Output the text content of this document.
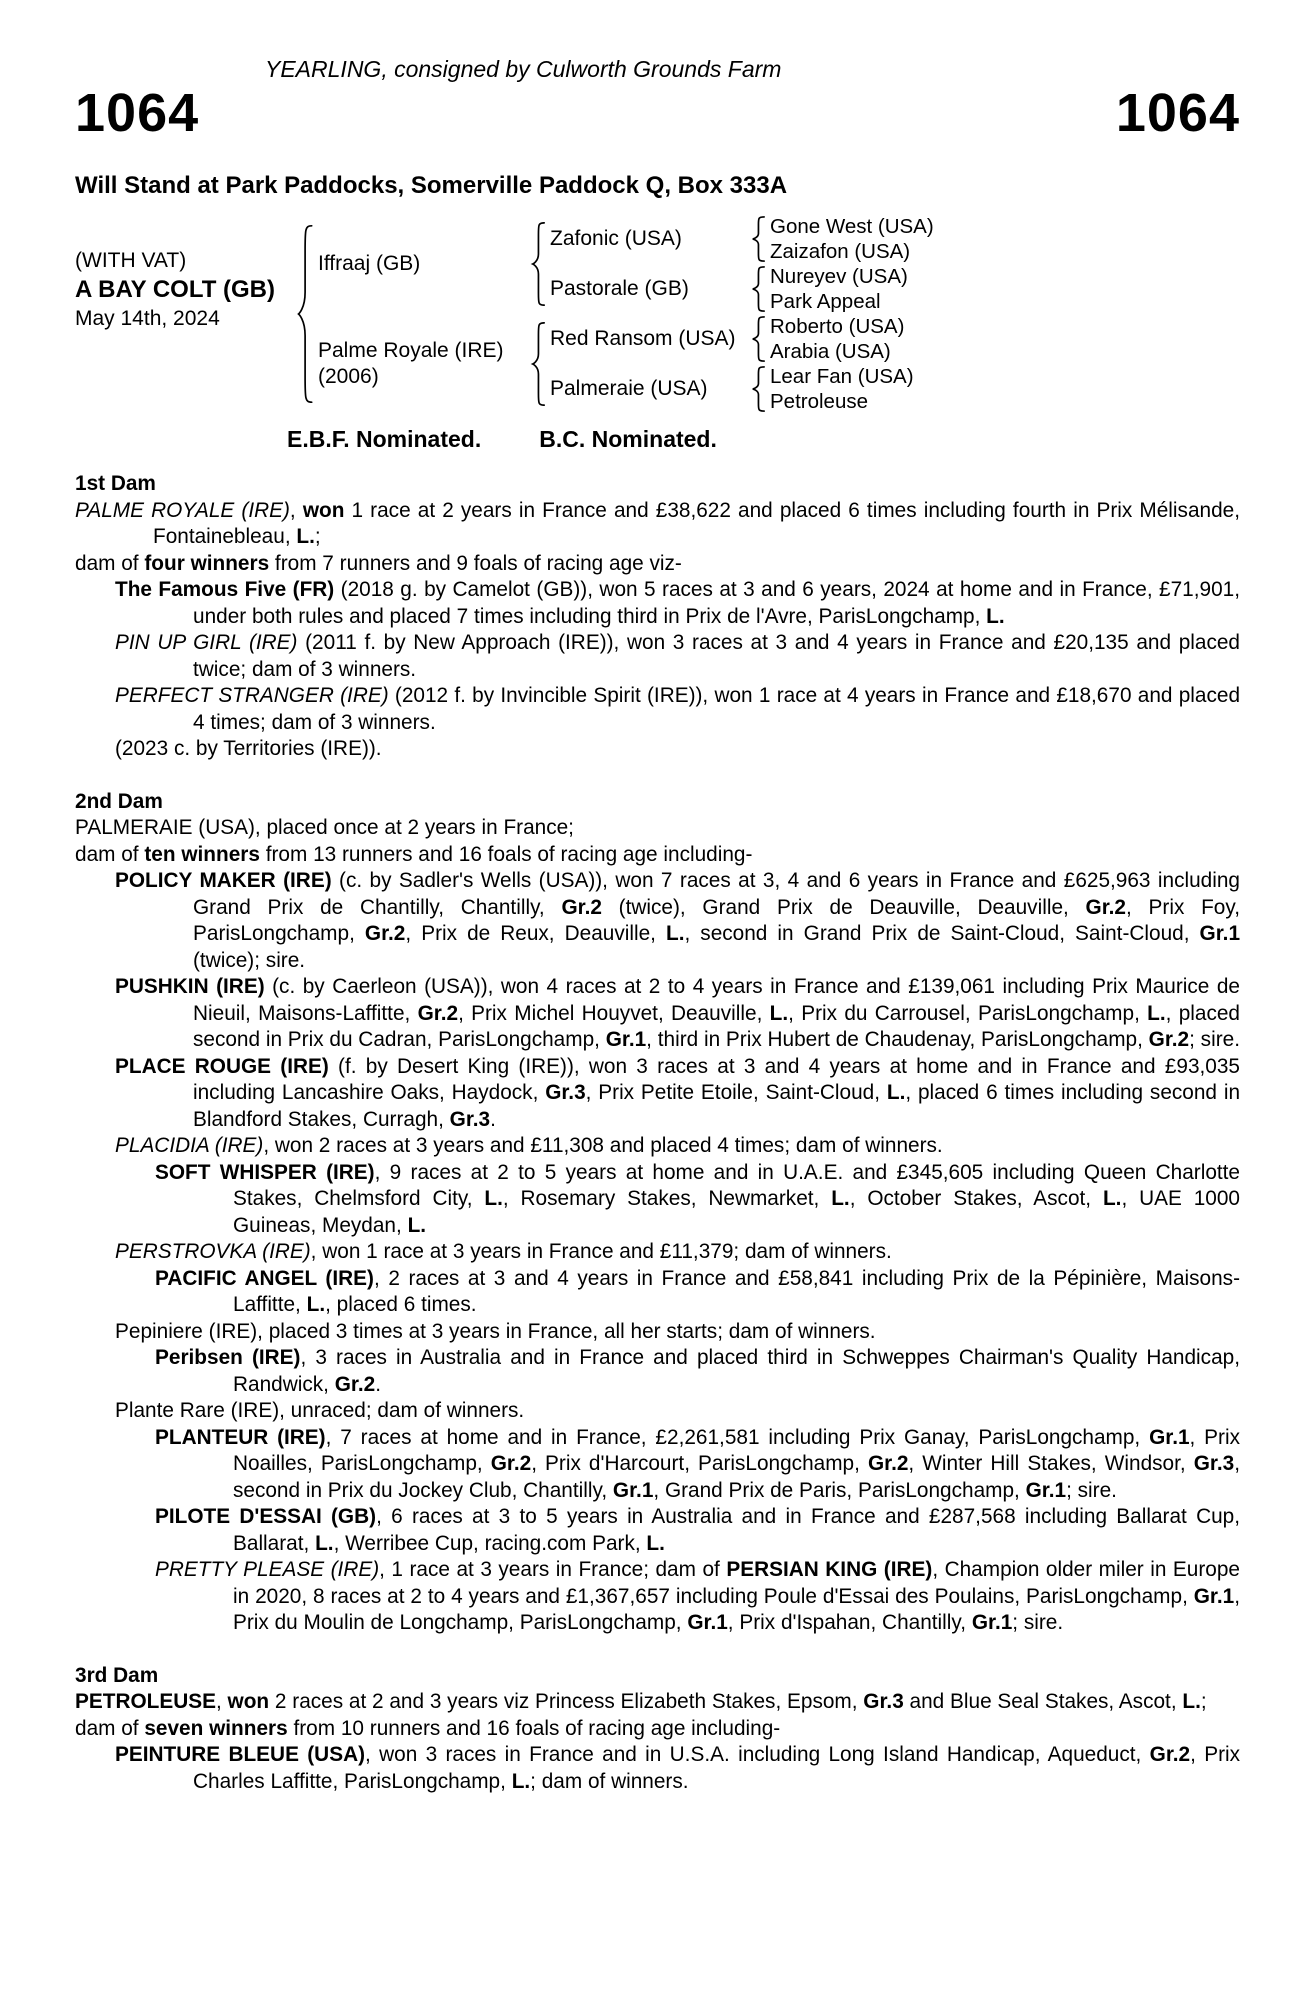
YEARLING, consigned by Culworth Grounds Farm
1064	1064
Will Stand at Park Paddocks, Somerville Paddock Q, Box 333A
(WITH VAT)
A BAY COLT (GB)
May 14th, 2024
Iffraaj (GB)
Palme Royale (IRE)
(2006)
Zafonic (USA)
Pastorale (GB)
Red Ransom (USA)
Palmeraie (USA)
Gone West (USA)
Zaizafon (USA)
Nureyev (USA)
Park Appeal
Roberto (USA)
Arabia (USA)
Lear Fan (USA)
Petroleuse
E.B.F. Nominated.	B.C. Nominated.

1st Dam

PALME ROYALE (IRE), won 1 race at 2 years in France and £38,622 and placed 6 times including fourth in Prix Mélisande, Fontainebleau, L.;

dam of four winners from 7 runners and 9 foals of racing age viz-

The Famous Five (FR) (2018 g. by Camelot (GB)), won 5 races at 3 and 6 years, 2024 at home and in France, £71,901, under both rules and placed 7 times including third in Prix de l'Avre, ParisLongchamp, L.

PIN UP GIRL (IRE) (2011 f. by New Approach (IRE)), won 3 races at 3 and 4 years in France and £20,135 and placed twice; dam of 3 winners.

PERFECT STRANGER (IRE) (2012 f. by Invincible Spirit (IRE)), won 1 race at 4 years in France and £18,670 and placed 4 times; dam of 3 winners.

(2023 c. by Territories (IRE)).

2nd Dam

PALMERAIE (USA), placed once at 2 years in France;

dam of ten winners from 13 runners and 16 foals of racing age including-

POLICY MAKER (IRE) (c. by Sadler's Wells (USA)), won 7 races at 3, 4 and 6 years in France and £625,963 including Grand Prix de Chantilly, Chantilly, Gr.2 (twice), Grand Prix de Deauville, Deauville, Gr.2, Prix Foy, ParisLongchamp, Gr.2, Prix de Reux, Deauville, L., second in Grand Prix de Saint-Cloud, Saint-Cloud, Gr.1 (twice); sire.

PUSHKIN (IRE) (c. by Caerleon (USA)), won 4 races at 2 to 4 years in France and £139,061 including Prix Maurice de Nieuil, Maisons-Laffitte, Gr.2, Prix Michel Houyvet, Deauville, L., Prix du Carrousel, ParisLongchamp, L., placed second in Prix du Cadran, ParisLongchamp, Gr.1, third in Prix Hubert de Chaudenay, ParisLongchamp, Gr.2; sire.

PLACE ROUGE (IRE) (f. by Desert King (IRE)), won 3 races at 3 and 4 years at home and in France and £93,035 including Lancashire Oaks, Haydock, Gr.3, Prix Petite Etoile, Saint-Cloud, L., placed 6 times including second in Blandford Stakes, Curragh, Gr.3.

PLACIDIA (IRE), won 2 races at 3 years and £11,308 and placed 4 times; dam of winners.

SOFT WHISPER (IRE), 9 races at 2 to 5 years at home and in U.A.E. and £345,605 including Queen Charlotte Stakes, Chelmsford City, L., Rosemary Stakes, Newmarket, L., October Stakes, Ascot, L., UAE 1000 Guineas, Meydan, L.

PERSTROVKA (IRE), won 1 race at 3 years in France and £11,379; dam of winners.

PACIFIC ANGEL (IRE), 2 races at 3 and 4 years in France and £58,841 including Prix de la Pépinière, Maisons-Laffitte, L., placed 6 times.

Pepiniere (IRE), placed 3 times at 3 years in France, all her starts; dam of winners.

Peribsen (IRE), 3 races in Australia and in France and placed third in Schweppes Chairman's Quality Handicap, Randwick, Gr.2.

Plante Rare (IRE), unraced; dam of winners.

PLANTEUR (IRE), 7 races at home and in France, £2,261,581 including Prix Ganay, ParisLongchamp, Gr.1, Prix Noailles, ParisLongchamp, Gr.2, Prix d'Harcourt, ParisLongchamp, Gr.2, Winter Hill Stakes, Windsor, Gr.3, second in Prix du Jockey Club, Chantilly, Gr.1, Grand Prix de Paris, ParisLongchamp, Gr.1; sire.

PILOTE D'ESSAI (GB), 6 races at 3 to 5 years in Australia and in France and £287,568 including Ballarat Cup, Ballarat, L., Werribee Cup, racing.com Park, L.

PRETTY PLEASE (IRE), 1 race at 3 years in France; dam of PERSIAN KING (IRE), Champion older miler in Europe in 2020, 8 races at 2 to 4 years and £1,367,657 including Poule d'Essai des Poulains, ParisLongchamp, Gr.1, Prix du Moulin de Longchamp, ParisLongchamp, Gr.1, Prix d'Ispahan, Chantilly, Gr.1; sire.

3rd Dam

PETROLEUSE, won 2 races at 2 and 3 years viz Princess Elizabeth Stakes, Epsom, Gr.3 and Blue Seal Stakes, Ascot, L.;

dam of seven winners from 10 runners and 16 foals of racing age including-

PEINTURE BLEUE (USA), won 3 races in France and in U.S.A. including Long Island Handicap, Aqueduct, Gr.2, Prix Charles Laffitte, ParisLongchamp, L.; dam of winners.
